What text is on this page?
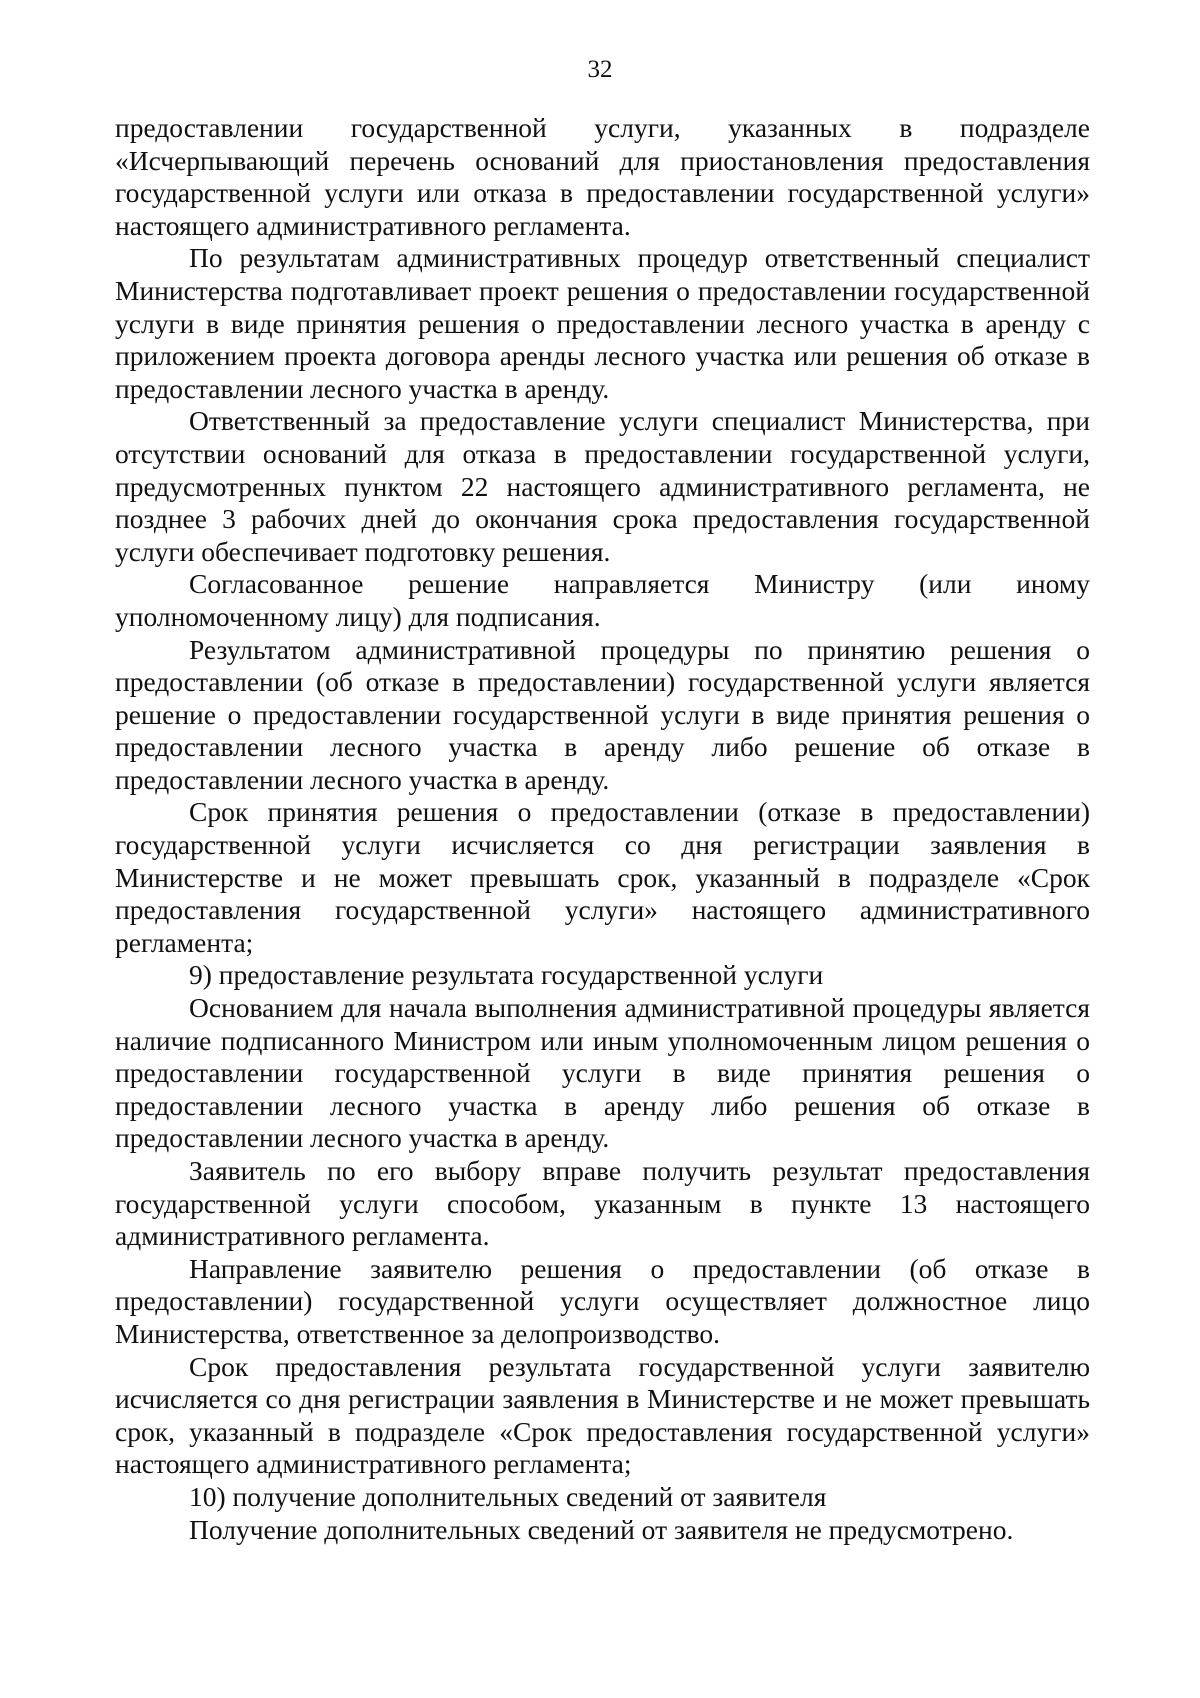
32

предоставлении государственной услуги, указанных в подразделе «Исчерпывающий перечень оснований для приостановления предоставления государственной услуги или отказа в предоставлении государственной услуги» настоящего административного регламента.

По результатам административных процедур ответственный специалист Министерства подготавливает проект решения о предоставлении государственной услуги в виде принятия решения о предоставлении лесного участка в аренду с приложением проекта договора аренды лесного участка или решения об отказе в предоставлении лесного участка в аренду.

Ответственный за предоставление услуги специалист Министерства, при отсутствии оснований для отказа в предоставлении государственной услуги, предусмотренных пунктом 22 настоящего административного регламента, не позднее 3 рабочих дней до окончания срока предоставления государственной услуги обеспечивает подготовку решения.

Согласованное решение направляется Министру (или иному уполномоченному лицу) для подписания.

Результатом административной процедуры по принятию решения о предоставлении (об отказе в предоставлении) государственной услуги является решение о предоставлении государственной услуги в виде принятия решения о предоставлении лесного участка в аренду либо решение об отказе в предоставлении лесного участка в аренду.

Срок принятия решения о предоставлении (отказе в предоставлении) государственной услуги исчисляется со дня регистрации заявления в Министерстве и не может превышать срок, указанный в подразделе «Срок предоставления государственной услуги» настоящего административного регламента;

9) предоставление результата государственной услуги

Основанием для начала выполнения административной процедуры является наличие подписанного Министром или иным уполномоченным лицом решения о предоставлении государственной услуги в виде принятия решения о предоставлении лесного участка в аренду либо решения об отказе в предоставлении лесного участка в аренду.

Заявитель по его выбору вправе получить результат предоставления государственной услуги способом, указанным в пункте 13 настоящего административного регламента.

Направление заявителю решения о предоставлении (об отказе в предоставлении) государственной услуги осуществляет должностное лицо Министерства, ответственное за делопроизводство.

Срок предоставления результата государственной услуги заявителю исчисляется со дня регистрации заявления в Министерстве и не может превышать срок, указанный в подразделе «Срок предоставления государственной услуги» настоящего административного регламента;

10) получение дополнительных сведений от заявителя

Получение дополнительных сведений от заявителя не предусмотрено.
